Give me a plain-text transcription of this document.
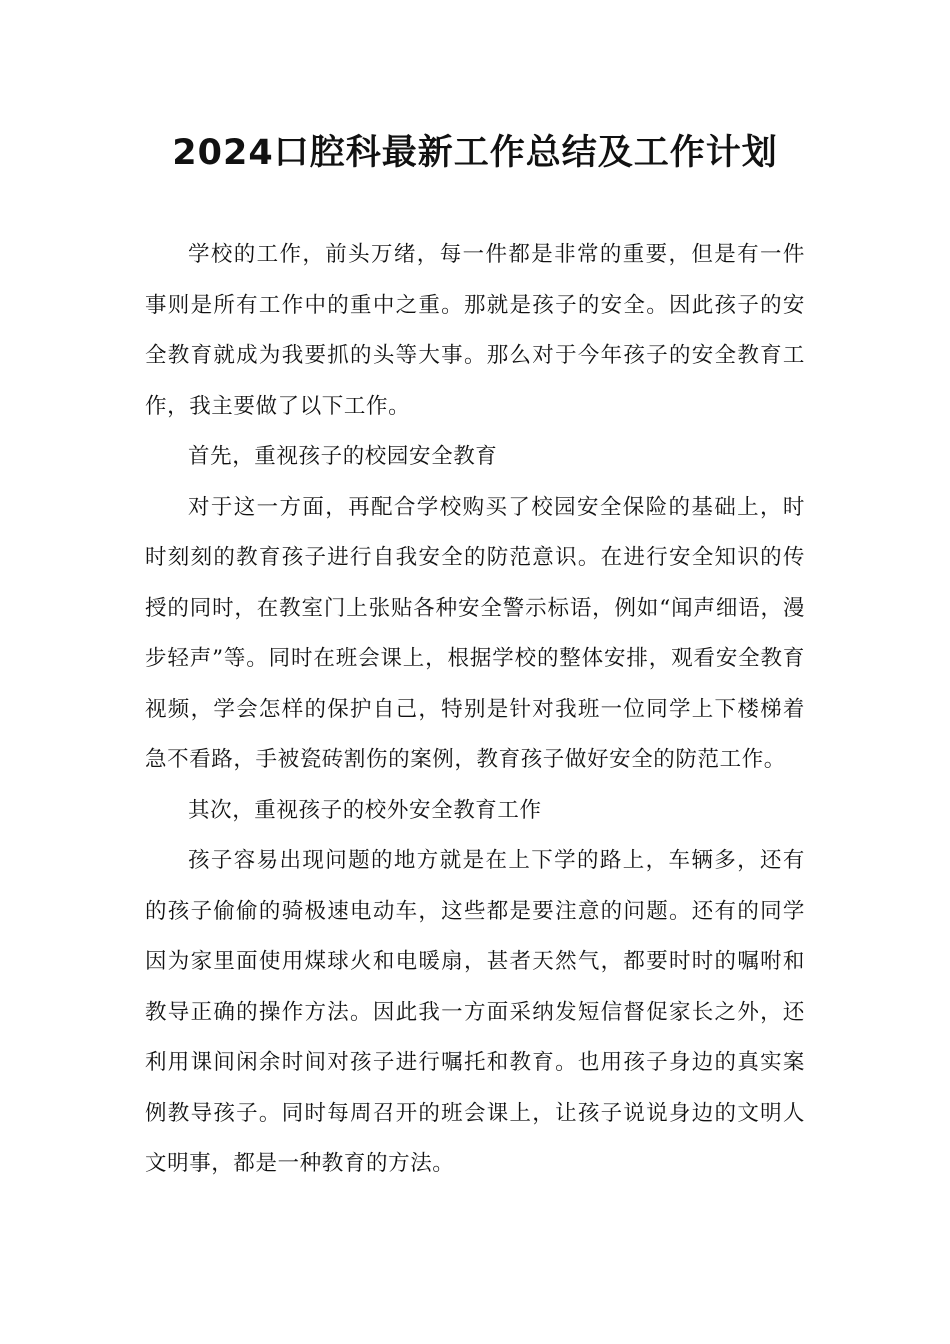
2024口腔科最新工作总结及工作计划

学校的工作，前头万绪，每一件都是非常的重要，但是有一件事则是所有工作中的重中之重。那就是孩子的安全。因此孩子的安全教育就成为我要抓的头等大事。那么对于今年孩子的安全教育工作，我主要做了以下工作。

首先，重视孩子的校园安全教育

对于这一方面，再配合学校购买了校园安全保险的基础上，时时刻刻的教育孩子进行自我安全的防范意识。在进行安全知识的传授的同时，在教室门上张贴各种安全警示标语，例如“闻声细语，漫步轻声”等。同时在班会课上，根据学校的整体安排，观看安全教育视频，学会怎样的保护自己，特别是针对我班一位同学上下楼梯着急不看路，手被瓷砖割伤的案例，教育孩子做好安全的防范工作。

其次，重视孩子的校外安全教育工作

孩子容易出现问题的地方就是在上下学的路上，车辆多，还有的孩子偷偷的骑极速电动车，这些都是要注意的问题。还有的同学因为家里面使用煤球火和电暖扇，甚者天然气，都要时时的嘱咐和教导正确的操作方法。因此我一方面采纳发短信督促家长之外，还利用课间闲余时间对孩子进行嘱托和教育。也用孩子身边的真实案例教导孩子。同时每周召开的班会课上，让孩子说说身边的文明人文明事，都是一种教育的方法。
